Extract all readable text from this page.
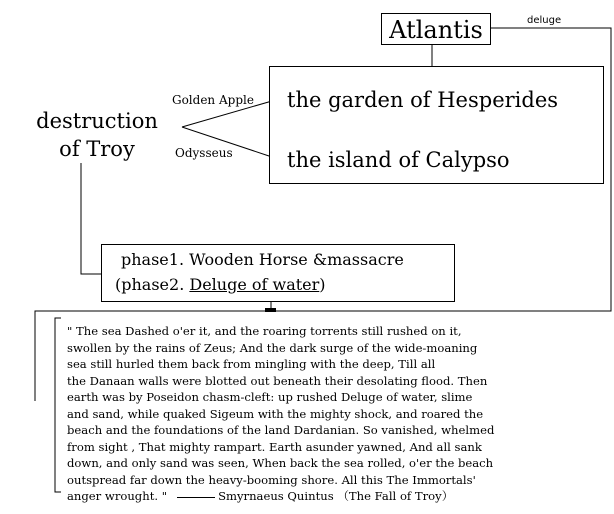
Atlantis	deluge
the garden of Hesperides
the island of Calypso
Golden Apple
Odysseus
destruction
of Troy
phase1. Wooden Horse &massacre
(phase2. Deluge of water)
" The sea Dashed o'er it, and the roaring torrents still rushed on it,
swollen by the rains of Zeus; And the dark surge of the wide-moaning
sea still hurled them back from mingling with the deep, Till all
the Danaan walls were blotted out beneath their desolating flood. Then
earth was by Poseidon chasm-cleft: up rushed Deluge of water, slime
and sand, while quaked Sigeum with the mighty shock, and roared the
beach and the foundations of the land Dardanian. So vanished, whelmed
from sight , That mighty rampart. Earth asunder yawned, And all sank
down, and only sand was seen, When back the sea rolled, o'er the beach
outspread far down the heavy-booming shore. All this The Immortals'
anger wrought. "	Smyrnaeus Quintus （The Fall of Troy）
